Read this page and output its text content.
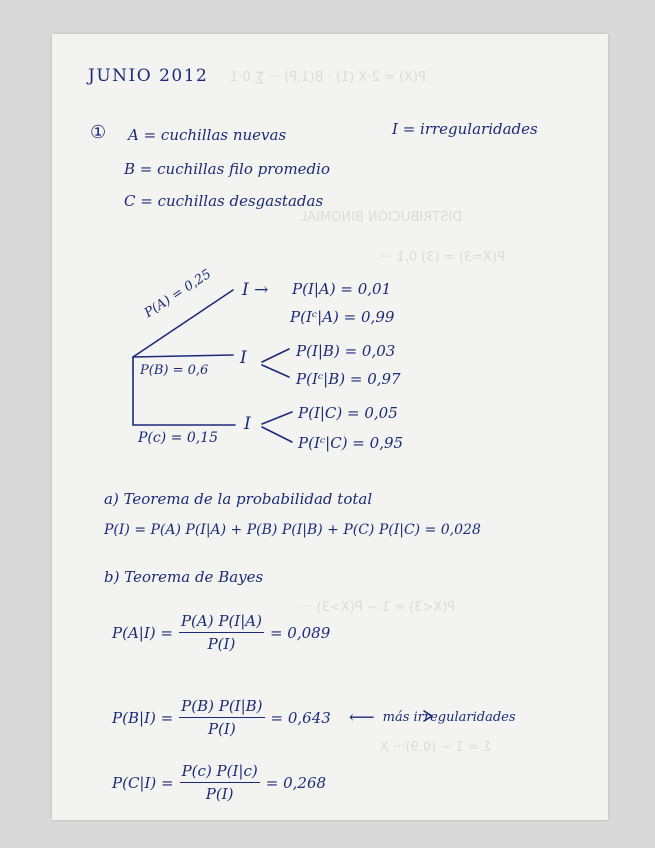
P(X) = 2·X (1) · B(1,P) ··· ∑ 0·1
DISTRIBUCIÓN BINOMIAL
P(X=3) = (3) 0,1 ···
P(X<3) = 1 − P(X>3) ···
Σ = 1 − (0,9)··· X
JUNIO 2012
① A = cuchillas nuevas	I = irregularidades
B = cuchillas filo promedio
C = cuchillas desgastadas
P(A) = 0,25
P(B) = 0,6
P(c) = 0,15
I →
I
I
P(I|A) = 0,01
P(Iᶜ|A) = 0,99
P(I|B) = 0,03
P(Iᶜ|B) = 0,97
P(I|C) = 0,05
P(Iᶜ|C) = 0,95
a) Teorema de la probabilidad total
P(I) = P(A) P(I|A) + P(B) P(I|B) + P(C) P(I|C) = 0,028
b) Teorema de Bayes
$P(A|I) = \frac{P(A) P(I|A)}{P(I)} = 0,089$
$P(B|I) = \frac{P(B) P(I|B)}{P(I)} = 0,643$ ⟵ más irregularidades
$P(C|I) = \frac{P(c) P(I|c)}{P(I)} = 0,268$
